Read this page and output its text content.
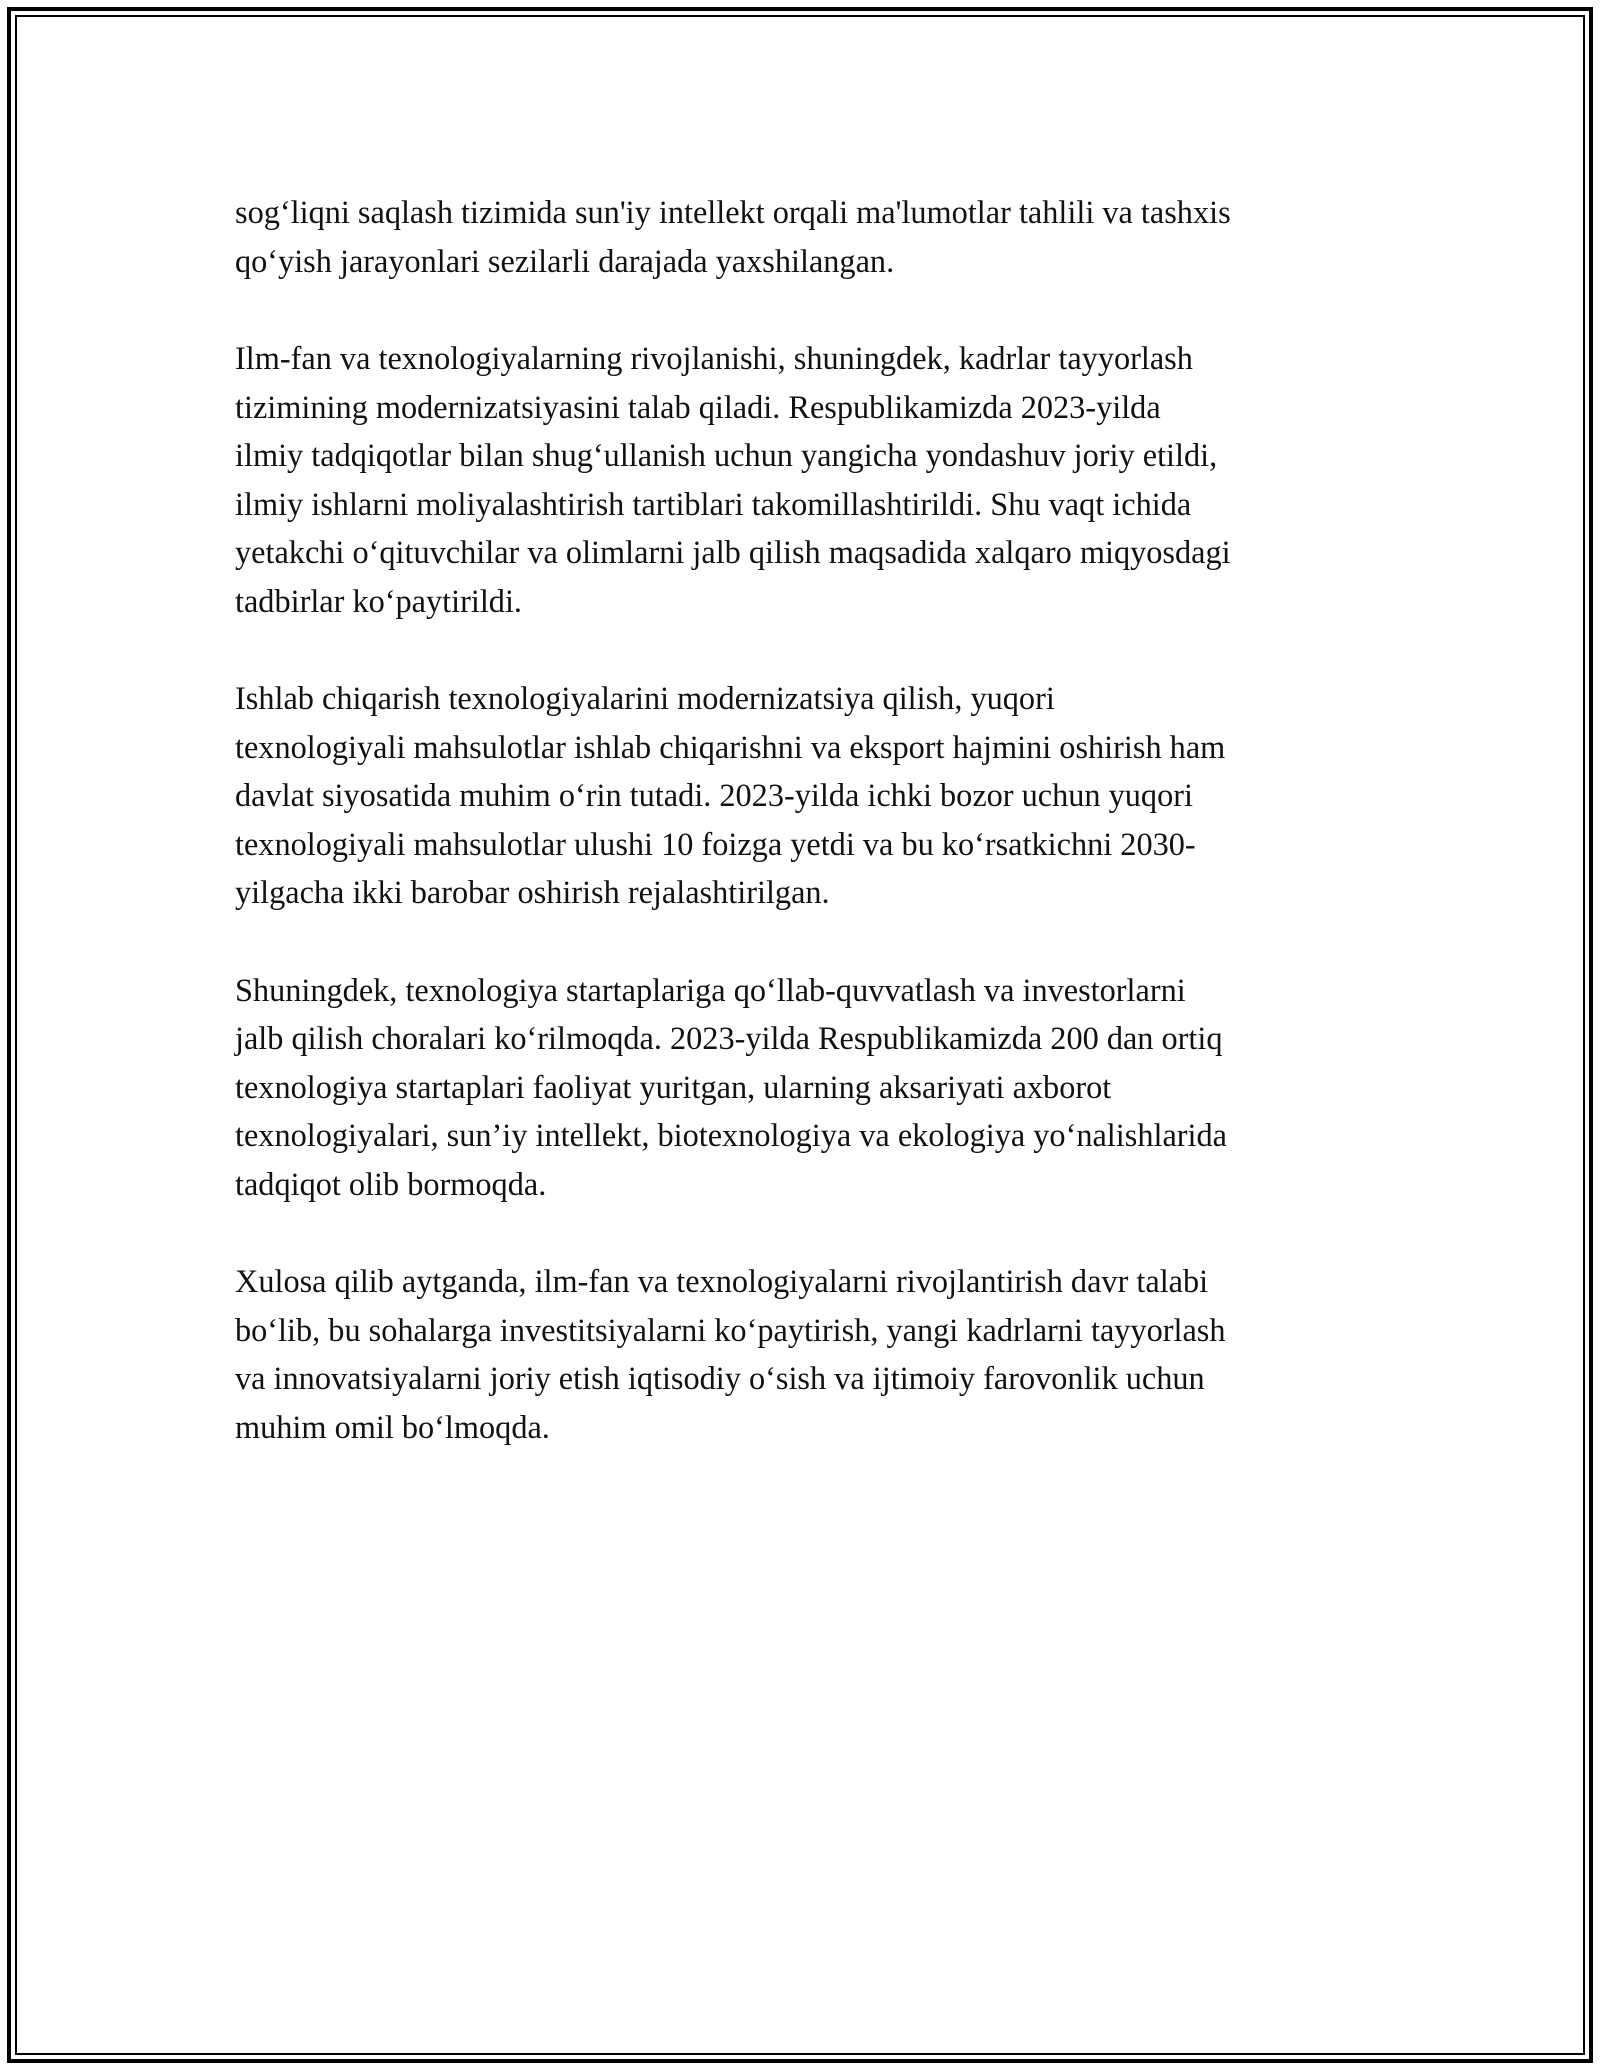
sog‘liqni saqlash tizimida sun'iy intellekt orqali ma'lumotlar tahlili va tashxis
qo‘yish jarayonlari sezilarli darajada yaxshilangan.

Ilm-fan va texnologiyalarning rivojlanishi, shuningdek, kadrlar tayyorlash
tizimining modernizatsiyasini talab qiladi. Respublikamizda 2023-yilda
ilmiy tadqiqotlar bilan shug‘ullanish uchun yangicha yondashuv joriy etildi,
ilmiy ishlarni moliyalashtirish tartiblari takomillashtirildi. Shu vaqt ichida
yetakchi o‘qituvchilar va olimlarni jalb qilish maqsadida xalqaro miqyosdagi
tadbirlar ko‘paytirildi.

Ishlab chiqarish texnologiyalarini modernizatsiya qilish, yuqori
texnologiyali mahsulotlar ishlab chiqarishni va eksport hajmini oshirish ham
davlat siyosatida muhim o‘rin tutadi. 2023-yilda ichki bozor uchun yuqori
texnologiyali mahsulotlar ulushi 10 foizga yetdi va bu ko‘rsatkichni 2030-
yilgacha ikki barobar oshirish rejalashtirilgan.

Shuningdek, texnologiya startaplariga qo‘llab-quvvatlash va investorlarni
jalb qilish choralari ko‘rilmoqda. 2023-yilda Respublikamizda 200 dan ortiq
texnologiya startaplari faoliyat yuritgan, ularning aksariyati axborot
texnologiyalari, sun’iy intellekt, biotexnologiya va ekologiya yo‘nalishlarida
tadqiqot olib bormoqda.

Xulosa qilib aytganda, ilm-fan va texnologiyalarni rivojlantirish davr talabi
bo‘lib, bu sohalarga investitsiyalarni ko‘paytirish, yangi kadrlarni tayyorlash
va innovatsiyalarni joriy etish iqtisodiy o‘sish va ijtimoiy farovonlik uchun
muhim omil bo‘lmoqda.
